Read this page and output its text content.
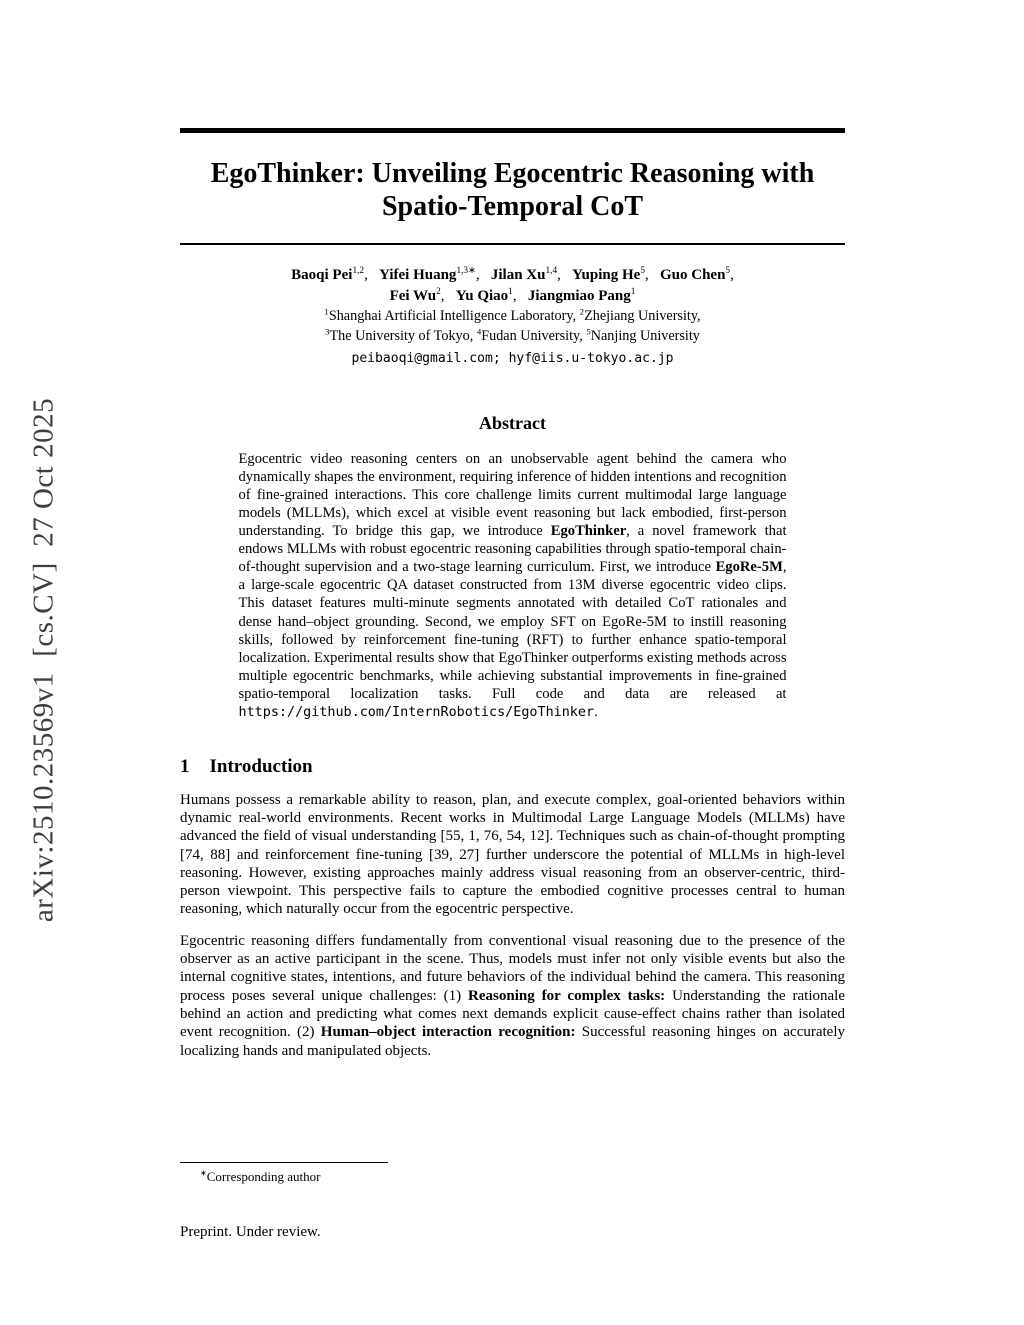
arXiv:2510.23569v1  [cs.CV]  27 Oct 2025
EgoThinker: Unveiling Egocentric Reasoning with
Spatio-Temporal CoT
Baoqi Pei$^{1,2}$,  Yifei Huang$^{1,3∗}$,  Jilan Xu$^{1,4}$,  Yuping He$^5$,  Guo Chen$^5$,
Fei Wu$^2$,  Yu Qiao$^1$,  Jiangmiao Pang$^1$
$^1$Shanghai Artificial Intelligence Laboratory, $^2$Zhejiang University,
$^3$The University of Tokyo, $^4$Fudan University, $^5$Nanjing University
peibaoqi@gmail.com; hyf@iis.u-tokyo.ac.jp
Abstract
Egocentric video reasoning centers on an unobservable agent behind the camera who dynamically shapes the environment, requiring inference of hidden intentions and recognition of fine-grained interactions. This core challenge limits current multimodal large language models (MLLMs), which excel at visible event reasoning but lack embodied, first-person understanding. To bridge this gap, we introduce EgoThinker, a novel framework that endows MLLMs with robust egocentric reasoning capabilities through spatio-temporal chain-of-thought supervision and a two-stage learning curriculum. First, we introduce EgoRe-5M, a large-scale egocentric QA dataset constructed from 13M diverse egocentric video clips. This dataset features multi-minute segments annotated with detailed CoT rationales and dense hand–object grounding. Second, we employ SFT on EgoRe-5M to instill reasoning skills, followed by reinforcement fine-tuning (RFT) to further enhance spatio-temporal localization. Experimental results show that EgoThinker outperforms existing methods across multiple egocentric benchmarks, while achieving substantial improvements in fine-grained spatio-temporal localization tasks. Full code and data are released at https://github.com/InternRobotics/EgoThinker.
1 Introduction

Humans possess a remarkable ability to reason, plan, and execute complex, goal-oriented behaviors within dynamic real-world environments. Recent works in Multimodal Large Language Models (MLLMs) have advanced the field of visual understanding [55, 1, 76, 54, 12]. Techniques such as chain-of-thought prompting [74, 88] and reinforcement fine-tuning [39, 27] further underscore the potential of MLLMs in high-level reasoning. However, existing approaches mainly address visual reasoning from an observer-centric, third-person viewpoint. This perspective fails to capture the embodied cognitive processes central to human reasoning, which naturally occur from the egocentric perspective.

Egocentric reasoning differs fundamentally from conventional visual reasoning due to the presence of the observer as an active participant in the scene. Thus, models must infer not only visible events but also the internal cognitive states, intentions, and future behaviors of the individual behind the camera. This reasoning process poses several unique challenges: (1) Reasoning for complex tasks: Understanding the rationale behind an action and predicting what comes next demands explicit cause-effect chains rather than isolated event recognition. (2) Human–object interaction recognition: Successful reasoning hinges on accurately localizing hands and manipulated objects.

∗Corresponding author
Preprint. Under review.
